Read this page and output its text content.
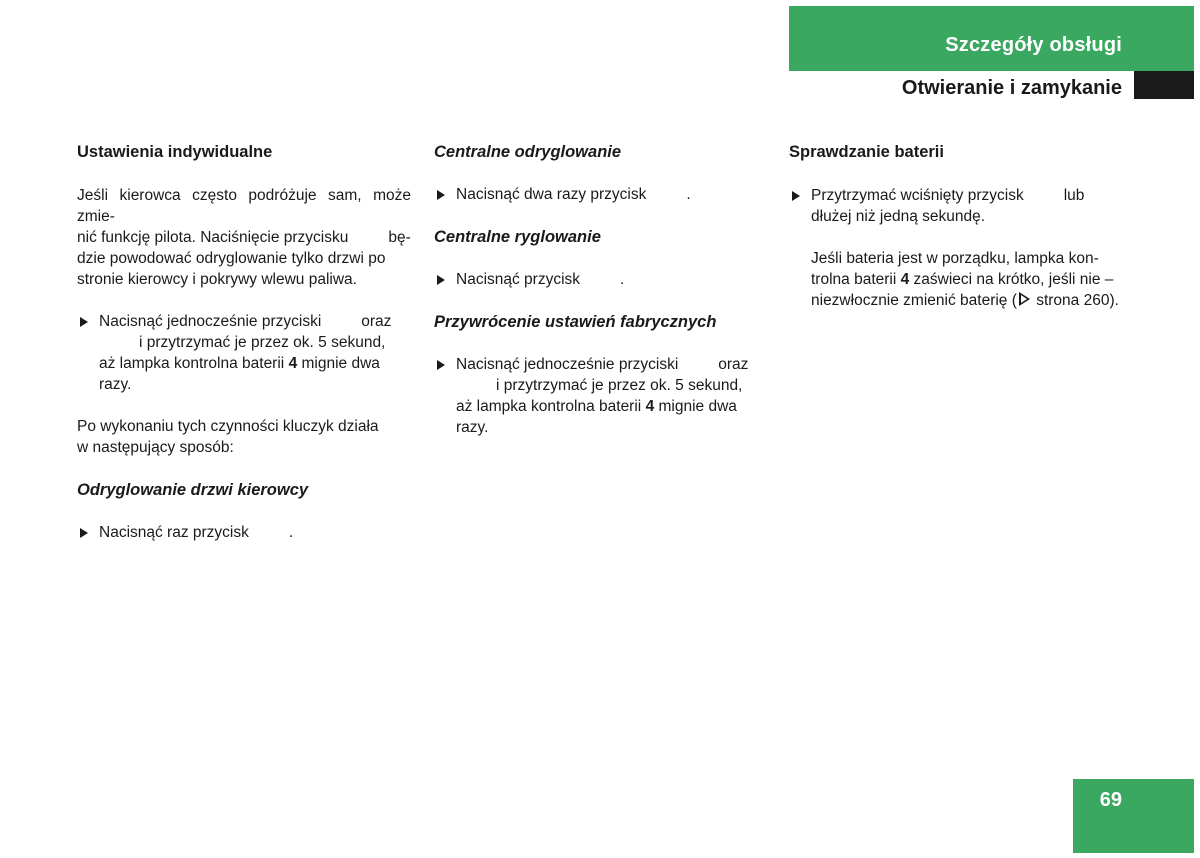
Szczegóły obsługi
Otwieranie i zamykanie
Ustawienia indywidualne

Jeśli kierowca często podróżuje sam, może zmie-
nić funkcję pilota. Naciśnięcie przycisku	bę-
dzie powodować odryglowanie tylko drzwi po
stronie kierowcy i pokrywy wlewu paliwa.

Nacisnąć jednocześnie przyciski	oraz
i przytrzymać je przez ok. 5 sekund,
aż lampka kontrolna baterii 4 mignie dwa
razy.

Po wykonaniu tych czynności kluczyk działa
w następujący sposób:

Odryglowanie drzwi kierowcy
Nacisnąć raz przycisk	.
Centralne odryglowanie
Nacisnąć dwa razy przycisk	.
Centralne ryglowanie
Nacisnąć przycisk	.
Przywrócenie ustawień fabrycznych
Nacisnąć jednocześnie przyciski	oraz
i przytrzymać je przez ok. 5 sekund,
aż lampka kontrolna baterii 4 mignie dwa
razy.
Sprawdzanie baterii
Przytrzymać wciśnięty przycisk	lub
dłużej niż jedną sekundę.

Jeśli bateria jest w porządku, lampka kon-
trolna baterii 4 zaświeci na krótko, jeśli nie –
niezwłocznie zmienić baterię ( strona 260).

69
